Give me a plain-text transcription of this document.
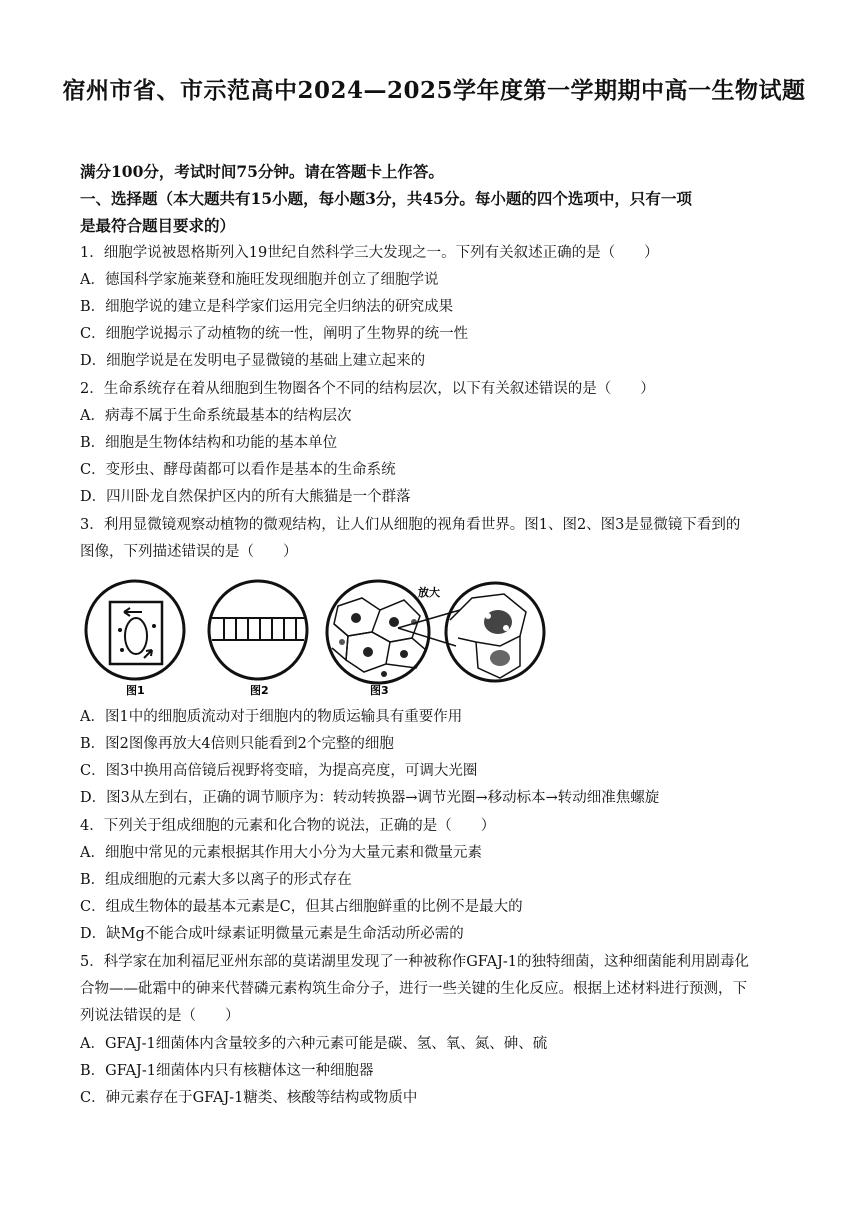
宿州市省、市示范高中2024—2025学年度第一学期期中高一生物试题
满分100分，考试时间75分钟。请在答题卡上作答。
一、选择题（本大题共有15小题，每小题3分，共45分。每小题的四个选项中，只有一项
是最符合题目要求的）
1．细胞学说被恩格斯列入19世纪自然科学三大发现之一。下列有关叙述正确的是（　　）
A．德国科学家施莱登和施旺发现细胞并创立了细胞学说
B．细胞学说的建立是科学家们运用完全归纳法的研究成果
C．细胞学说揭示了动植物的统一性，阐明了生物界的统一性
D．细胞学说是在发明电子显微镜的基础上建立起来的
2．生命系统存在着从细胞到生物圈各个不同的结构层次，以下有关叙述错误的是（　　）
A．病毒不属于生命系统最基本的结构层次
B．细胞是生物体结构和功能的基本单位
C．变形虫、酵母菌都可以看作是基本的生命系统
D．四川卧龙自然保护区内的所有大熊猫是一个群落
3．利用显微镜观察动植物的微观结构，让人们从细胞的视角看世界。图1、图2、图3是显微镜下看到的
图像，下列描述错误的是（　　）
图1	图2
放大
图3
A．图1中的细胞质流动对于细胞内的物质运输具有重要作用
B．图2图像再放大4倍则只能看到2个完整的细胞
C．图3中换用高倍镜后视野将变暗，为提高亮度，可调大光圈
D．图3从左到右，正确的调节顺序为：转动转换器→调节光圈→移动标本→转动细准焦螺旋
4．下列关于组成细胞的元素和化合物的说法，正确的是（　　）
A．细胞中常见的元素根据其作用大小分为大量元素和微量元素
B．组成细胞的元素大多以离子的形式存在
C．组成生物体的最基本元素是C，但其占细胞鲜重的比例不是最大的
D．缺Mg不能合成叶绿素证明微量元素是生命活动所必需的
5．科学家在加利福尼亚州东部的莫诺湖里发现了一种被称作GFAJ-1的独特细菌，这种细菌能利用剧毒化
合物——砒霜中的砷来代替磷元素构筑生命分子，进行一些关键的生化反应。根据上述材料进行预测，下
列说法错误的是（　　）
A．GFAJ-1细菌体内含量较多的六种元素可能是碳、氢、氧、氮、砷、硫
B．GFAJ-1细菌体内只有核糖体这一种细胞器
C．砷元素存在于GFAJ-1糖类、核酸等结构或物质中
